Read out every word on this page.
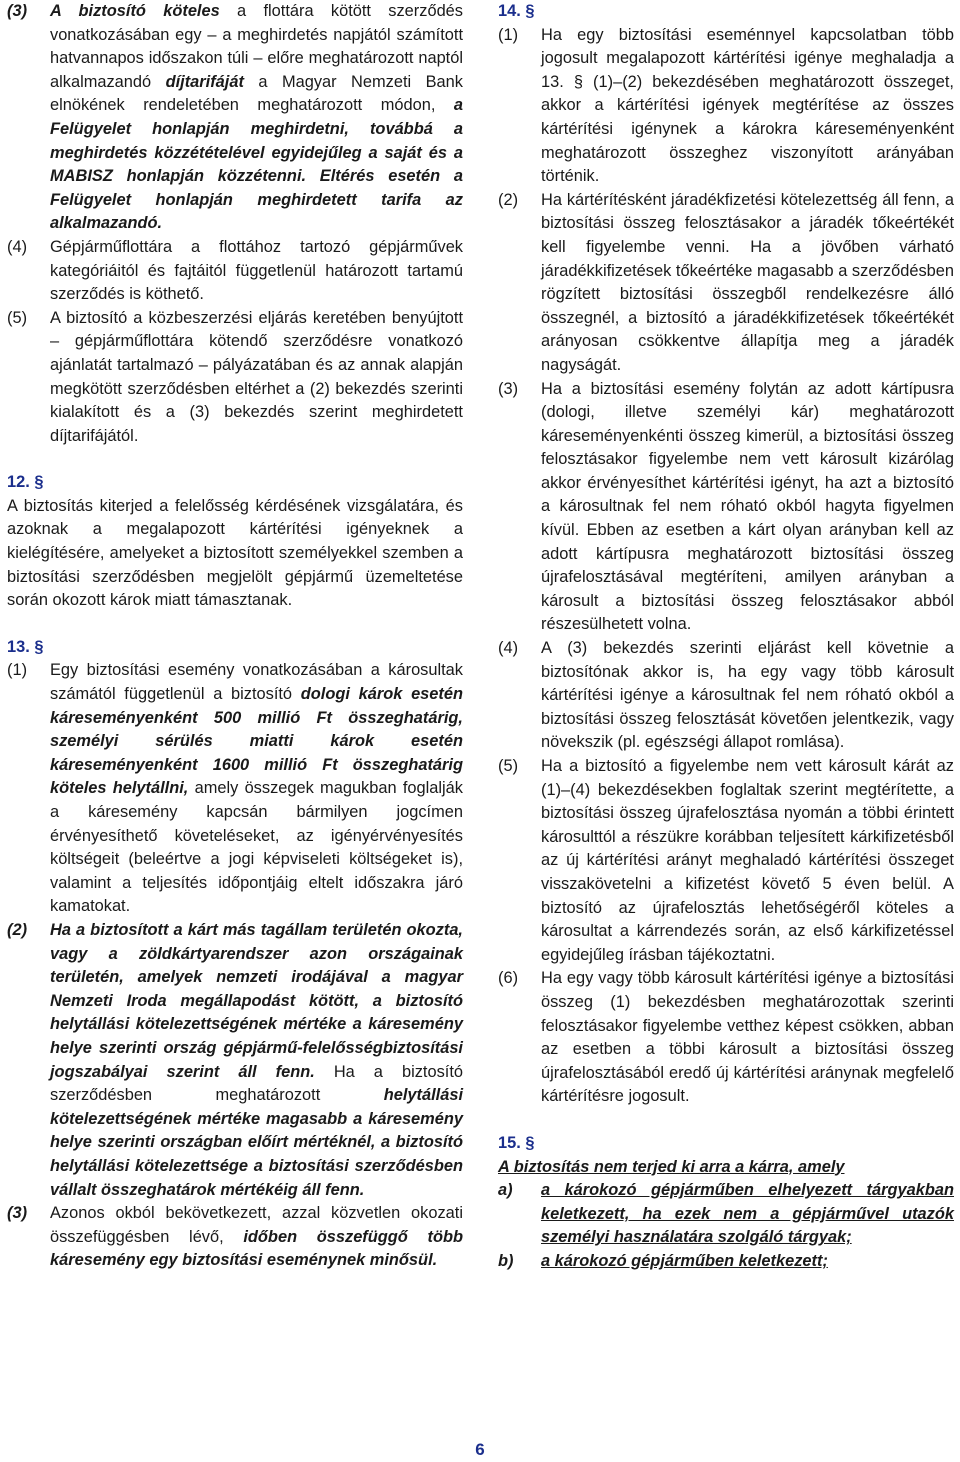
(3)	A biztosító köteles a flottára kötött szerződés vonatkozásában egy – a meghirdetés napjától számított hatvannapos időszakon túli – előre meghatározott naptól alkalmazandó díjtarifáját a Magyar Nemzeti Bank elnökének rendeletében meghatározott módon, a Felügyelet honlapján meghirdetni, továbbá a meghirdetés közzétételével egyidejűleg a saját és a MABISZ honlapján közzétenni. Eltérés esetén a Felügyelet honlapján meghirdetett tarifa az alkalmazandó.
(4)	Gépjárműflottára a flottához tartozó gépjárművek kategóriáitól és fajtáitól függetlenül határozott tartamú szerződés is köthető.
(5)	A biztosító a közbeszerzési eljárás keretében benyújtott – gépjárműflottára kötendő szerződésre vonatkozó ajánlatát tartalmazó – pályázatában és az annak alapján megkötött szerződésben eltérhet a (2) bekezdés szerinti kialakított és a (3) bekezdés szerint meghirdetett díjtarifájától.
12. §
A biztosítás kiterjed a felelősség kérdésének vizsgálatára, és azoknak a megalapozott kártérítési igényeknek a kielégítésére, amelyeket a biztosított személyekkel szemben a biztosítási szerződésben megjelölt gépjármű üzemeltetése során okozott károk miatt támasztanak.
13. §
(1)	Egy biztosítási esemény vonatkozásában a károsultak számától függetlenül a biztosító dologi károk esetén káreseményenként 500 millió Ft összeghatárig, személyi sérülés miatti károk esetén káreseményenként 1600 millió Ft összeghatárig köteles helytállni, amely összegek magukban foglalják a káresemény kapcsán bármilyen jogcímen érvényesíthető követeléseket, az igényérvényesítés költségeit (beleértve a jogi képviseleti költségeket is), valamint a teljesítés időpontjáig eltelt időszakra járó kamatokat.
(2)	Ha a biztosított a kárt más tagállam területén okozta, vagy a zöldkártyarendszer azon országainak területén, amelyek nemzeti irodájával a magyar Nemzeti Iroda megállapodást kötött, a biztosító helytállási kötelezettségének mértéke a káresemény helye szerinti ország gépjármű-felelősségbiztosítási jogszabályai szerint áll fenn. Ha a biztosító szerződésben meghatározott helytállási kötelezettségének mértéke magasabb a káresemény helye szerinti országban előírt mértéknél, a biztosító helytállási kötelezettsége a biztosítási szerződésben vállalt összeghatárok mértékéig áll fenn.
(3)	Azonos okból bekövetkezett, azzal közvetlen okozati összefüggésben lévő, időben összefüggő több káresemény egy biztosítási eseménynek minősül.
14. §
(1)	Ha egy biztosítási eseménnyel kapcsolatban több jogosult megalapozott kártérítési igénye meghaladja a 13. § (1)–(2) bekezdésében meghatározott összeget, akkor a kártérítési igények megtérítése az összes kártérítési igénynek a károkra káreseményenként meghatározott összeghez viszonyított arányában történik.
(2)	Ha kártérítésként járadékfizetési kötelezettség áll fenn, a biztosítási összeg felosztásakor a járadék tőkeértékét kell figyelembe venni. Ha a jövőben várható járadékkifizetések tőkeértéke magasabb a szerződésben rögzített biztosítási összegből rendelkezésre álló összegnél, a biztosító a járadékkifizetések tőkeértékét arányosan csökkentve állapítja meg a járadék nagyságát.
(3)	Ha a biztosítási esemény folytán az adott kártípusra (dologi, illetve személyi kár) meghatározott káreseményenkénti összeg kimerül, a biztosítási összeg felosztásakor figyelembe nem vett károsult kizárólag akkor érvényesíthet kártérítési igényt, ha azt a biztosító a károsultnak fel nem róható okból hagyta figyelmen kívül. Ebben az esetben a kárt olyan arányban kell az adott kártípusra meghatározott biztosítási összeg újrafelosztásával megtéríteni, amilyen arányban a károsult a biztosítási összeg felosztásakor abból részesülhetett volna.
(4)	A (3) bekezdés szerinti eljárást kell követnie a biztosítónak akkor is, ha egy vagy több károsult kártérítési igénye a károsultnak fel nem róható okból a biztosítási összeg felosztását követően jelentkezik, vagy növekszik (pl. egészségi állapot romlása).
(5)	Ha a biztosító a figyelembe nem vett károsult kárát az (1)–(4) bekezdésekben foglaltak szerint megtérítette, a biztosítási összeg újrafelosztása nyomán a többi érintett károsulttól a részükre korábban teljesített kárkifizetésből az új kártérítési arányt meghaladó kártérítési összeget visszakövetelni a kifizetést követő 5 éven belül. A biztosító az újrafelosztás lehetőségéről köteles a károsultat a kárrendezés során, az első kárkifizetéssel egyidejűleg írásban tájékoztatni.
(6)	Ha egy vagy több károsult kártérítési igénye a biztosítási összeg (1) bekezdésben meghatározottak szerinti felosztásakor figyelembe vetthez képest csökken, abban az esetben a többi károsult a biztosítási összeg újrafelosztásából eredő új kártérítési aránynak megfelelő kártérítésre jogosult.
15. §
A biztosítás nem terjed ki arra a kárra, amely
a)	a károkozó gépjárműben elhelyezett tárgyakban keletkezett, ha ezek nem a gépjárművel utazók személyi használatára szolgáló tárgyak;
b)	a károkozó gépjárműben keletkezett;
6
